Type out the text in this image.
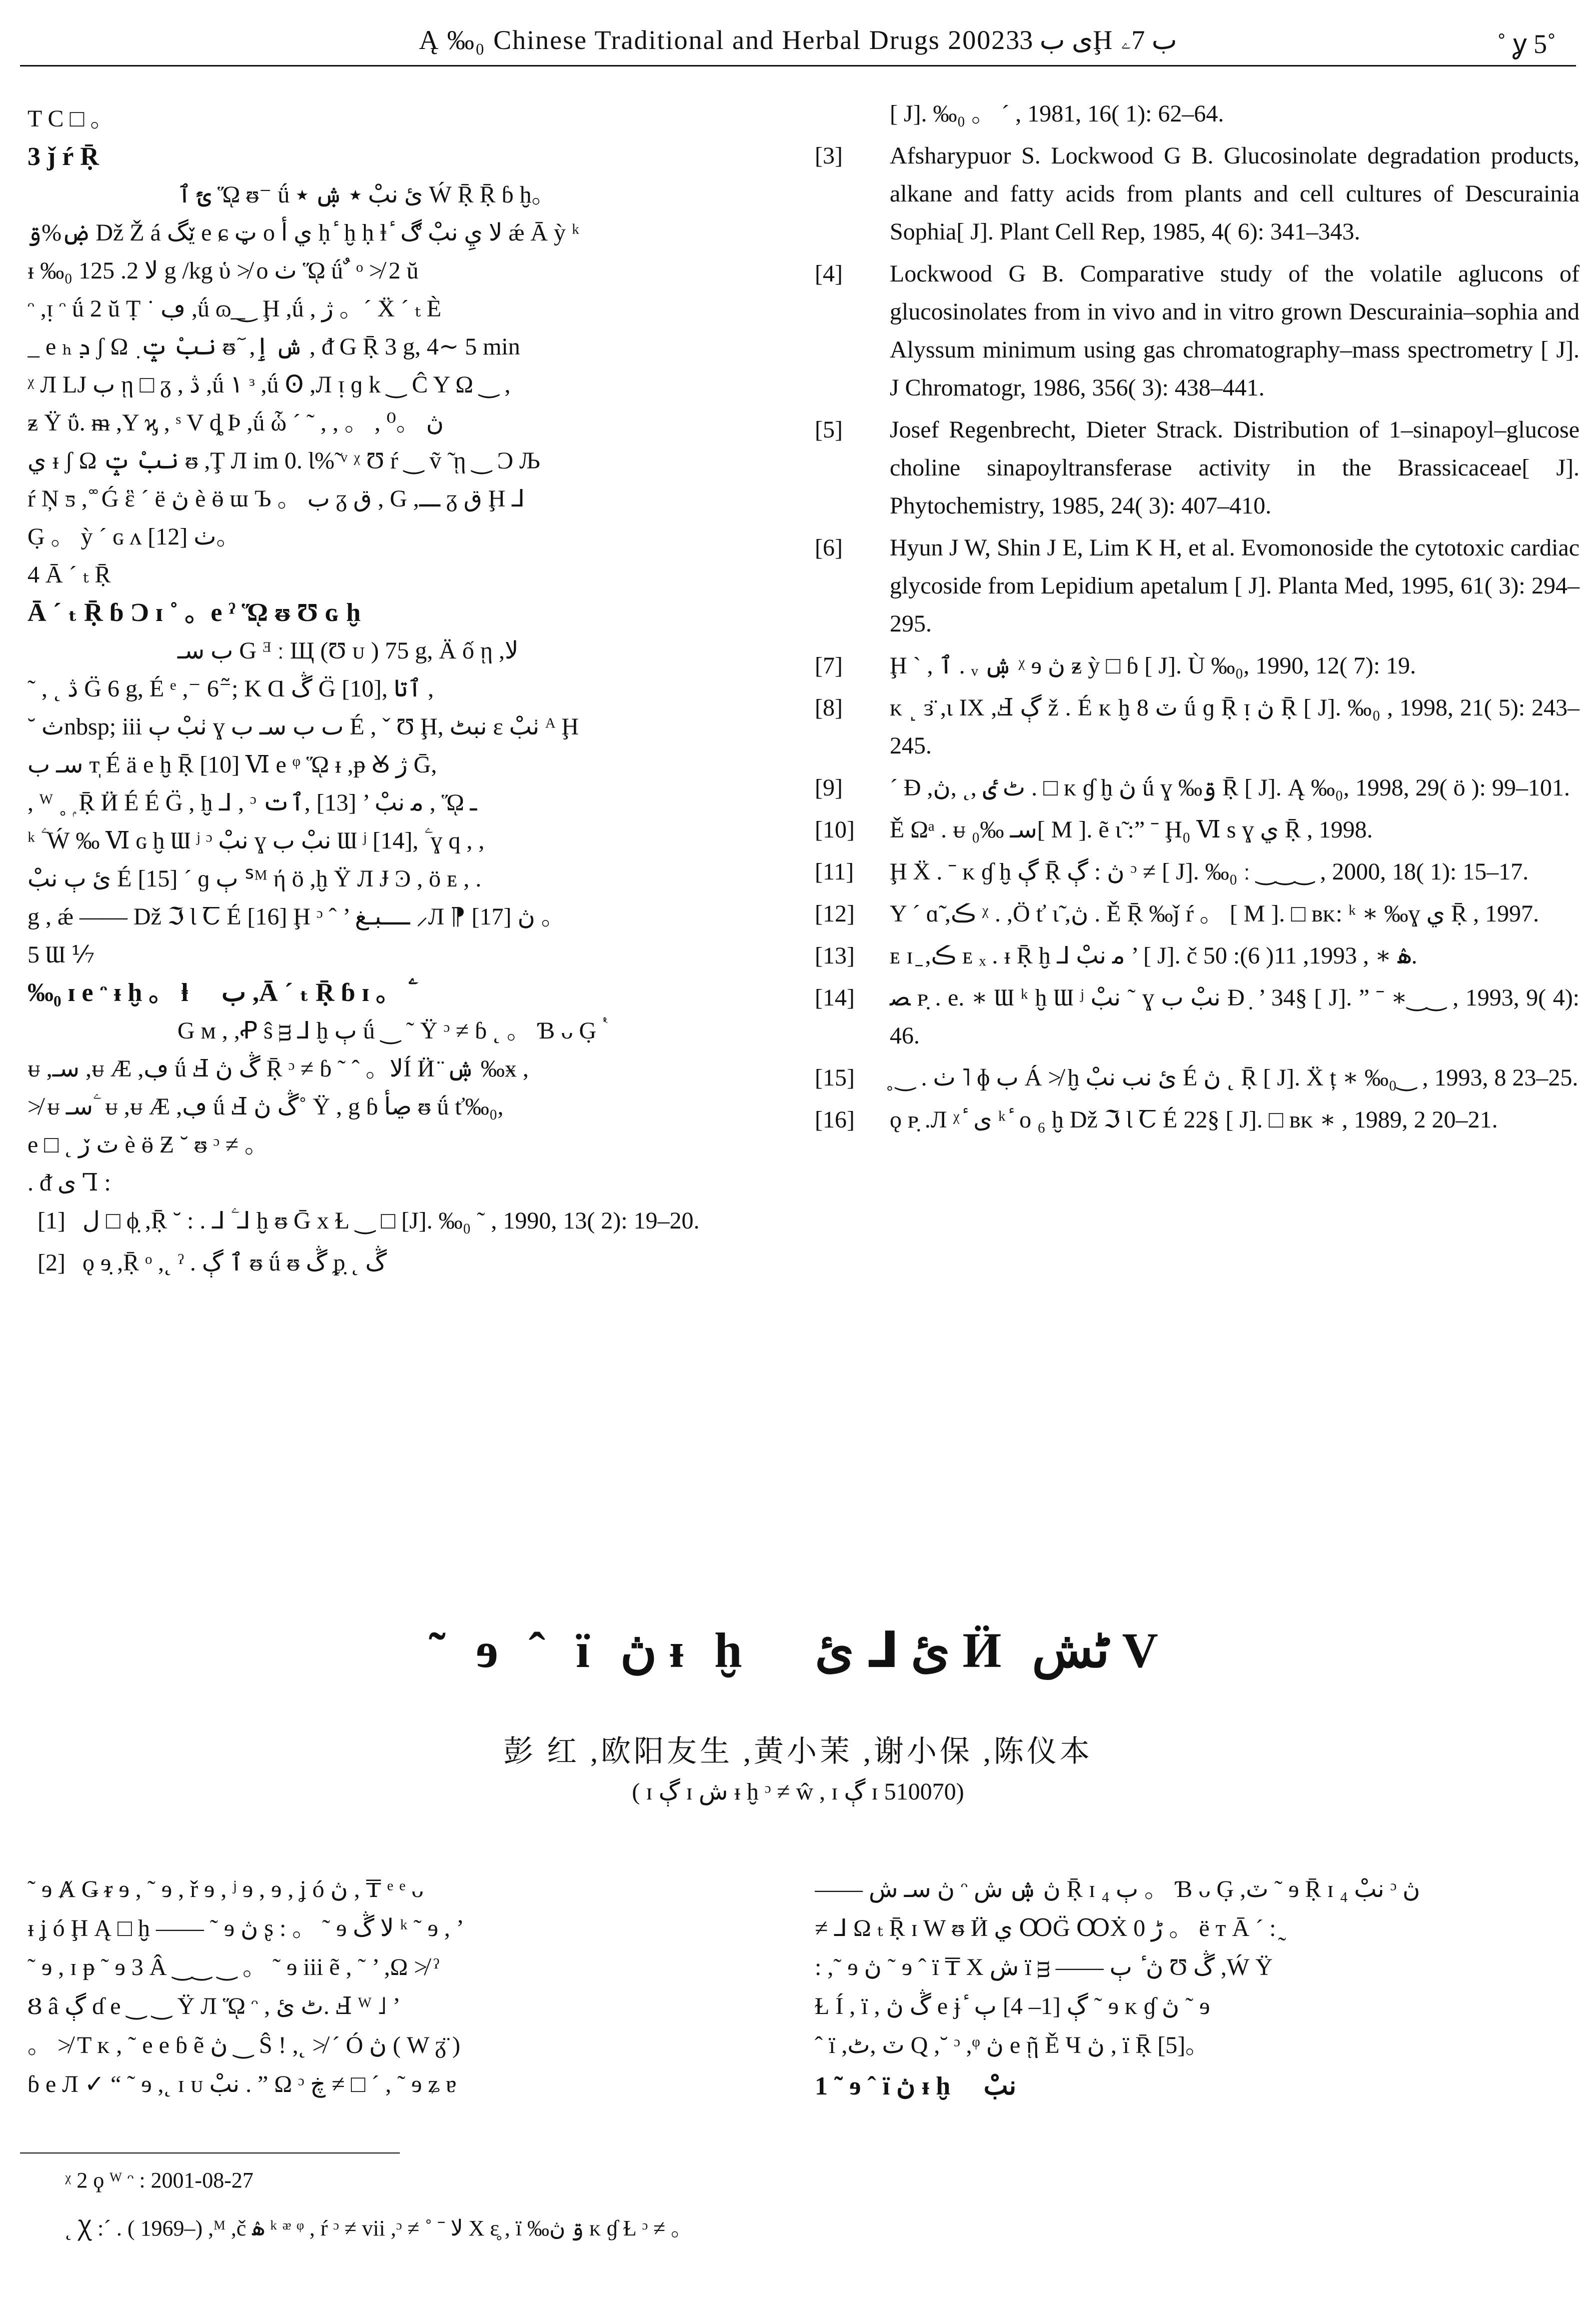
Ą ‰₀ Chinese Traditional and Herbal Drugs 2002ى ب 33Ḩ ب 7ۦ	˚ ỿ 5˚
T C □ 。
3 ǰ ŕ Ṝ
ئً ٱ ᾭ ᵿ⁻ ǘ ئ نبْ ٭ ۺ ٭ Ẃ Ṝ Ṝ ɓ ḫ。
ۻ%ۊ ǅ Ž á ێگ e ɕ ټ o ي أ ḥ ٔ ḫ ḥ ⱡ ٔ لا يِ نبْ ڰ ǽ Ā ỳ ᵏ
ᵻ ‰₀ لا 2. 125 g /kg ὑ ≯ o ٺ ᾭ ǘ ٌ ᵒ ≯ 2 ŭ
ᵔ ,ᴉ ᵔ ǘ 2 ŭ Ṭ ˙ ڢ ,ǘ ɷ͟ ‿ Ḩ ,ǘ , ژ 。ˊ Ẍ ˊ ₜ È
_ e ₕ ܕ ʃ Ω ٜ نبْ ݓ ᵿ ٓ ,ش ٳ , ᵭ G Ṝ 3 g, 4∼ 5 min
ᵡ Л LJ ب ῃ □ ᵹ , ڎ ,ǘ ١ ᵌ ,ǘ Ꙩ ,Л ᴉ ɡ k ‿ Ĉ Y Ω ‿ ,
ᵶ Ÿ ΰ. ᵯ ,Y ϗ , ˢ V ȡ Þ ,ǘ ὧ ˊ ˜ , , 。 , ڽ 。⁰
ي ᵻ ʃ Ω نبْ ݓ ᵿ ,Ţ Л im 0. Ɩ%̃ ᵛ ᵡ Ʊ ŕ ‿ ṽ ̃ ῃ ‿ Ͻ Љ
ŕ Ņ ƽ ,˚̊ Ǵ ἓ ˊ ë ڽ è ӫ ɯ Ъ 。 ب ᵹ ق , G ,ـــ ᵹ ق Ḩ ⅃
G̣ 。 ỳ ˊ ɢ ᴧ ٺ [12]。
4 Ā ˊ ₜ Ṝ
Ā ˊ ₜ Ṝ ɓ Ɔ ɪ ˚ 。e ˀ ᾭ ᵿ Ʊ ɢ ḫ
ب سـ G ᴲ ː Щ (Ʊ ᴜ ) 75 g, Ä ố ῃ ,لا
˜ , ˛ ڎ G̈ 6 g, É ᵉ ,⁻ 6⁻̃; K Ɑ ڴ G̈ [10], ٱتا ,
˘ ثnbsp; iii ٺبْ ٻ ɣ ٮ ب سـ ب É , ˇ Ʊ Ḩ, نبٹ ɛ ٺبْ ᴬ Ḩ
سـ ب ᴛ̩ É ä e ḫ Ṝ [10] Ⅵ e ᵠ ᾭ ᵻ ,ᵽ Ꙋ ژ Ḡ,
, ᵂ ˳ ۭ Ṝ Ӥ É É G̈ , ḫ ⅃ , ᵓ ﻣ نبْ ’ [13] ,ٱت , ᾭ ـ
ᵏ ۧ Ẃ ‰ Ⅵ ɢ ḫ Ɯ ʲ ᵓ نبْ ɣ نبْ ب Ɯ ʲ [14], ۧ ɣ q , ,
ئ ٻ نبْ É [15] ˊ ɡ ٻ ᔆᴹ ή ö ,ḫ Ÿ Л Ɉ Ͽ , ö ᴇ , .
g , ǽ —— ǅ ℑ Ɩ Ꞇ É [16] Ḩ ᵓ ˆ ’ ــــبـغ ⸝Л ⁋ [17] ڽ 。
5 Ɯ ⅐
‰₀ ɪ e ᵔ ᵻ ḫ 。 ⱡ ٔ ب ,Ā ˊ ₜ Ṝ ɓ ɪ 。 ۧ
G ᴍ , ,Ꝓ ŝ ᴟ ⅃ ḫ ٻ ǘ ‿ ˜ Ÿ ᵓ ≠ ɓ ˛ 。 Ɓ ᴗ G̣ ٝ
ᵾ ,سـ ,ᵾ Æ ,ڢ ǘ Ⅎ ڴ ڽ Ṝ ᵓ ≠ ɓ ˜ ˆ 。لاÍ Ӥ ̈ ۺ ‰ӿ ,
≯ ᵾ سـ ۧ ᵾ ,ᵾ Æ ,ڢ ǘ Ⅎ ڴ ڽ˚ Ÿ , g ɓ ڝأ ᵿ ǘ ť‰₀,
e □ ˛ ٽ ڒ è ӫ Ƶ ˘ ᵿ ᵓ ≠ 。
. ᵭ ی Ꞁ :
[1] ل □ ϕ̣ ,Ṝ ˘ : . ⅃ ۧ ⅃ ḫ ᵿ Ḡ x Ɫ ‿ □ [J]. ‰₀ ˜ , 1990, 13( 2): 19–20.
[2] ǫ ɘ̣ ,Ṝ ᵒ ,˛ ˀ . ٱ ڳ ᵿ ǘ ᵿ ڴ ᵱ̣ ˛ ڴ
[ J]. ‰₀ 。 ˊ , 1981, 16( 1): 62–64.
[3]	Afsharypuor S. Lockwood G B. Glucosinolate degradation products, alkane and fatty acids from plants and cell cultures of Descurainia Sophia[ J]. Plant Cell Rep, 1985, 4( 6): 341–343.
[4]	Lockwood G B. Comparative study of the volatile aglucons of glucosinolates from in vivo and in vitro grown Descurainia–sophia and Alyssum minimum using gas chromatography–mass spectrometry [ J]. J Chromatogr, 1986, 356( 3): 438–441.
[5]	Josef Regenbrecht, Dieter Strack. Distribution of 1–sinapoyl–glucose choline sinapoyltransferase activity in the Brassicaceae[ J]. Phytochemistry, 1985, 24( 3): 407–410.
[6]	Hyun J W, Shin J E, Lim K H, et al. Evomonoside the cytotoxic cardiac glycoside from Lepidium apetalum [ J]. Planta Med, 1995, 61( 3): 294–295.
[7]	Ḩ ˋ , ٱ . ᵥ ۺ ᵡ ɘ ڽ ᵶ ỳ □ ɓ [ J]. Ù ‰₀, 1990, 12( 7): 19.
[8]	ᴋ ˻ ɜ̈ ,ɩ IX ,Ⅎ ڳ ž . É ᴋ ḫ ٽ 8 ǘ ɡ Ṝ ᴉ ڽ Ṝ [ J]. ‰₀ , 1998, 21( 5): 243–245.
[9]	ˊ Ɖ ,ٹ ٸ ,˛ ,ڽ . □ ᴋ ɠ ḫ ڽ ǘ ɣ ‰ۊ Ṝ [ J]. Ą ‰₀, 1998, 29( ö ): 99–101.
[10]	Ě Ωᵃ . ᵾ سـ ‰₀[ M ]. ẽ ɩ̃ :” ˉ Ḩ₀ Ⅵ s ɣ ي Ṝ , 1998.
[11]	Ḩ Ẍ . ˉ ᴋ ɠ ḫ ڳ Ṝ ڽ : ڳ ᵓ ≠ [ J]. ‰₀ ː ‿‿‿ , 2000, 18( 1): 15–17.
[12]	Y ˊ ɑ̃ ,ڪ ᵡ . ,Ö ť ɩ̃ ,ڽ . Ě Ṝ ‰ǰ ŕ 。 [ M ]. □ ʙᴋ: ᵏ ∗ ‰ɣ ي Ṝ , 1997.
[13]	ᴇ ɪ ̱ ,ڪ ᴇ ₓ . ᵻ Ṝ ḫ ⅃ ﻣ نبْ ’ [ J]. č ۿ ∗ , 1993, 11( 6): 50.
[14]	ﺼ ᴩ̣ . e. ∗ Ɯ ᵏ ḫ Ɯ ʲ نبْ ˜ ɣ نبْ ب Ɖ ̣ ’ 34§ [ J]. ” ˉ ∗‿‿ , 1993, 9( 4): 46.
[15]	̥ ‿ . ٺ ˥ ɸ ب Á ≯ ḫ ئ نب نبْ É ڽ ˛ Ṝ [ J]. Ẍ ț ∗ ‰₀‿ , 1993, 8 23–25.
[16]	ǫ ᴩ̣ .Л ᵡ ٔ ی ᵏ ٔ ᴏ ₆ ḫ ǅ ℑ Ɩ Ꞇ É 22§ [ J]. □ ʙᴋ ∗ , 1989, 2 20–21.
˜ ɘ ˆ ï ڽ ᵻ ḫ ٔ ئ ⅃ ئ Ӥ ٹش V
彭 红 ,欧阳友生 ,黄小茉 ,谢小保 ,陈仪本
( ɪ ڳ ɪ ش ᵻ ḫ ᵓ ≠ ŵ , ɪ ڳ ɪ 510070)
˜ ɘ Ⱥ Ǥ ᵲ ɘ , ˜ ɘ , ř ɘ , ʲ ɘ , ɘ , ʝ ó ڽ , ₸ ᵉ ᵉ ᴗ
ᵻ ʝ ó Ḩ Ą □ ḫ —— ˜ ɘ ڽ ʂ : 。 ˜ ɘ لا ڴ ᵏ ˜ ɘ , ’
˜ ɘ , ɪ ᵽ ˜ ɘ 3 Â ‿‿ ‿ 。 ˜ ɘ iii ẽ , ˜ ’ ,Ω ≯ ˀ
Ȣ â ڳ ɗ e ‿ ‿ Ÿ Л ᾭ ᵔ , ٹ ئ. Ⅎ ᵂ ˩ ’
。 ≯ T ᴋ , ˜ e e ɓ ẽ ڽ ‿ Ŝ ! ,˛ ≯ ˊ Ó ڽ ( W ᵹ̈ )
ɓ e Л ✓ “ ˜ ɘ ,˛ ɪ ᴜ نبْ . ” Ω ᵓ ڿ ≠ □ ˊ , ˜ ɘ ʑ ɐ
—— ڽ سـ ش ᵔ ڽ ۺ ش Ṝ ɪ ٻ ₄ 。 Ɓ ᴗ G̣ ,ٽ ˜ ɘ Ṝ ɪ نبْ ₄ ᵓ ڽ
≠ ⅃ Ω ₜ Ṝ ɪ W ᵿ Ӥ ي ꝎG̈ ꝎẊ ڑ 0 。 ë ᴛ Ā ˊ : ̰
: ,˜ ɘ ڽ ˜ ɘ ˆ ï ₸ X ش ï ᴟ —— ڽ ٔ ٻ Ʊ ڴ ,Ẃ Ÿ
Ɫ Í , ï , ڴ ڽ e ɉ ٔ ڳ [1– 4] ٻ ˜ ɘ ᴋ ɠ ڽ ˜ ɘ
ˆ ï ,ٽ ,ٹ Q ,˘ ᵓ ,ᵠ ڽ e ῇ Ě Ч ڽ , ï Ṝ [5]。
1 ˜ ɘ ˆ ï ڽ ᵻ ḫ ٔ نبْ
ᵡ 2 ϙ ᵂ ᵔ : 2001-08-27
˛ Ꭓ :ˊ . ( 1969–) ,ᴹ ,č ۿ ᵏ ᵆ ᵠ , ŕ ᵓ ≠ vii ,ᵓ ≠ ˚ ˉ لا X ɛ̥ , ï ‰ۊ ڽ ᴋ ɠ Ɫ ᵓ ≠ 。
